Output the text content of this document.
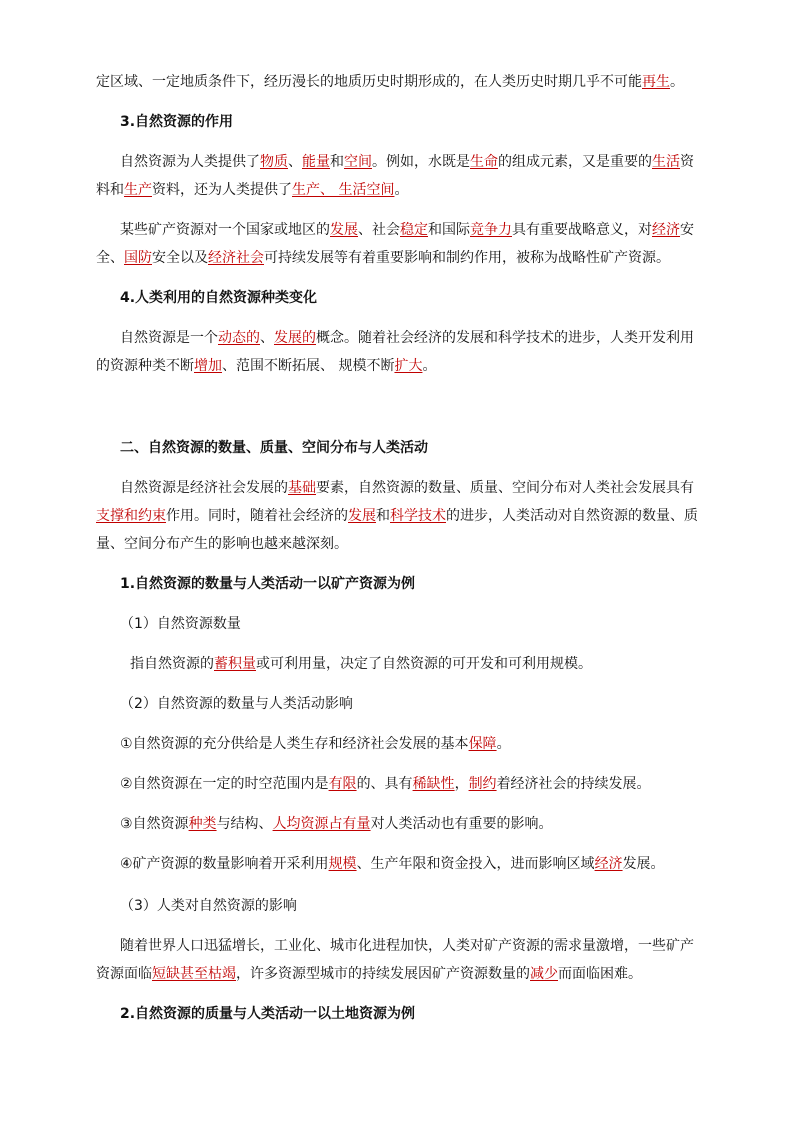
定区域、一定地质条件下，经历漫长的地质历史时期形成的，在人类历史时期几乎不可能再生。
3.自然资源的作用
自然资源为人类提供了物质、能量和空间。例如，水既是生命的组成元素，又是重要的生活资
料和生产资料，还为人类提供了生产、 生活空间。
某些矿产资源对一个国家或地区的发展、社会稳定和国际竞争力具有重要战略意义，对经济安
全、国防安全以及经济社会可持续发展等有着重要影响和制约作用，被称为战略性矿产资源。
4.人类利用的自然资源种类变化
自然资源是一个动态的、发展的概念。随着社会经济的发展和科学技术的进步，人类开发利用
的资源种类不断增加、范围不断拓展、 规模不断扩大。
二、自然资源的数量、质量、空间分布与人类活动
自然资源是经济社会发展的基础要素，自然资源的数量、质量、空间分布对人类社会发展具有
支撑和约束作用。同时，随着社会经济的发展和科学技术的进步，人类活动对自然资源的数量、质
量、空间分布产生的影响也越来越深刻。
1.自然资源的数量与人类活动一以矿产资源为例
（1）自然资源数量
指自然资源的蓄积量或可利用量，决定了自然资源的可开发和可利用规模。
（2）自然资源的数量与人类活动影响
①自然资源的充分供给是人类生存和经济社会发展的基本保障。
②自然资源在一定的时空范围内是有限的、具有稀缺性，制约着经济社会的持续发展。
③自然资源种类与结构、人均资源占有量对人类活动也有重要的影响。
④矿产资源的数量影响着开采利用规模、生产年限和资金投入，进而影响区域经济发展。
（3）人类对自然资源的影响
随着世界人口迅猛增长，工业化、城市化进程加快，人类对矿产资源的需求量激增，一些矿产
资源面临短缺甚至枯竭，许多资源型城市的持续发展因矿产资源数量的减少而面临困难。
2.自然资源的质量与人类活动一以土地资源为例
